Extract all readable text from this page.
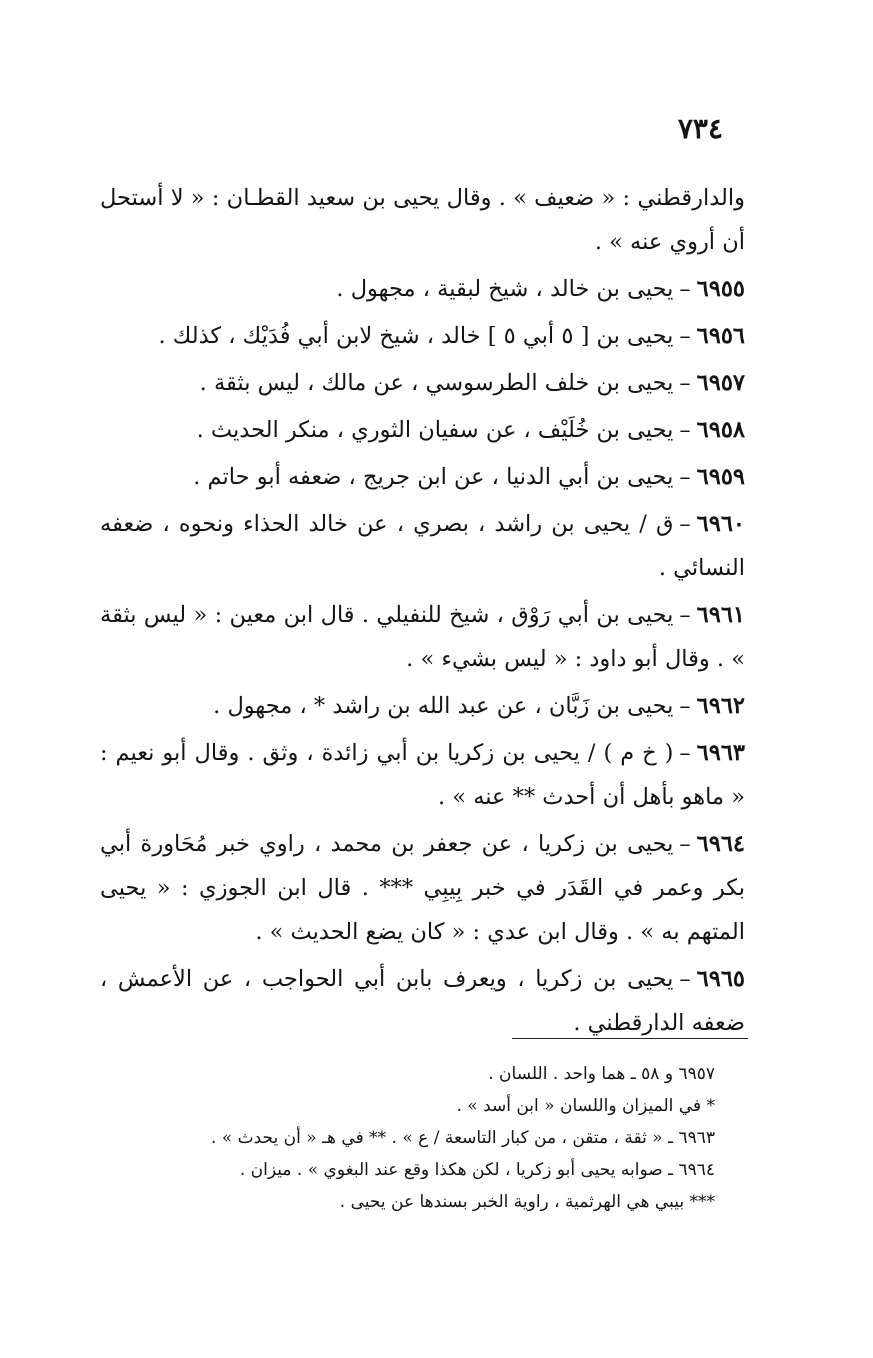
٧٣٤
والدارقطني : « ضعيف » . وقال يحيى بن سعيد القطـان : « لا أستحل أن أروي عنه » .
٦٩٥٥–يحيى بن خالد ، شيخ لبقية ، مجهول .
٦٩٥٦–يحيى بن [ ٥ أبي ٥ ] خالد ، شيخ لابن أبي فُدَيْك ، كذلك .
٦٩٥٧–يحيى بن خلف الطرسوسي ، عن مالك ، ليس بثقة .
٦٩٥٨–يحيى بن خُلَيْف ، عن سفيان الثوري ، منكر الحديث .
٦٩٥٩–يحيى بن أبي الدنيا ، عن ابن جريج ، ضعفه أبو حاتم .
٦٩٦٠–ق / يحيى بن راشد ، بصري ، عن خالد الحذاء ونحوه ، ضعفه النسائي .
٦٩٦١–يحيى بن أبي رَوْق ، شيخ للنفيلي . قال ابن معين : « ليس بثقة » . وقال أبو داود : « ليس بشيء » .
٦٩٦٢–يحيى بن زَبَّان ، عن عبد الله بن راشد * ، مجهول .
٦٩٦٣–( خ م ) / يحيى بن زكريا بن أبي زائدة ، وثق . وقال أبو نعيم : « ماهو بأهل أن أحدث ** عنه » .
٦٩٦٤–يحيى بن زكريا ، عن جعفر بن محمد ، راوي خبر مُحَاورة أبي بكر وعمر في القَدَر في خبر بِيبِي *** . قال ابن الجوزي : « يحيى المتهم به » . وقال ابن عدي : « كان يضع الحديث » .
٦٩٦٥–يحيى بن زكريا ، ويعرف بابن أبي الحواجب ، عن الأعمش ، ضعفه الدارقطني .
٦٩٥٧ و ٥٨ ـ هما واحد . اللسان .
* في الميزان واللسان « ابن أسد » .
٦٩٦٣ ـ « ثقة ، متقن ، من كبار التاسعة / ع » . ** في هـ « أن يحدث » .
٦٩٦٤ ـ صوابه يحيى أبو زكريا ، لكن هكذا وقع عند البغوي » . ميزان .
*** بيبي هي الهرثمية ، راوية الخبر بسندها عن يحيى .
